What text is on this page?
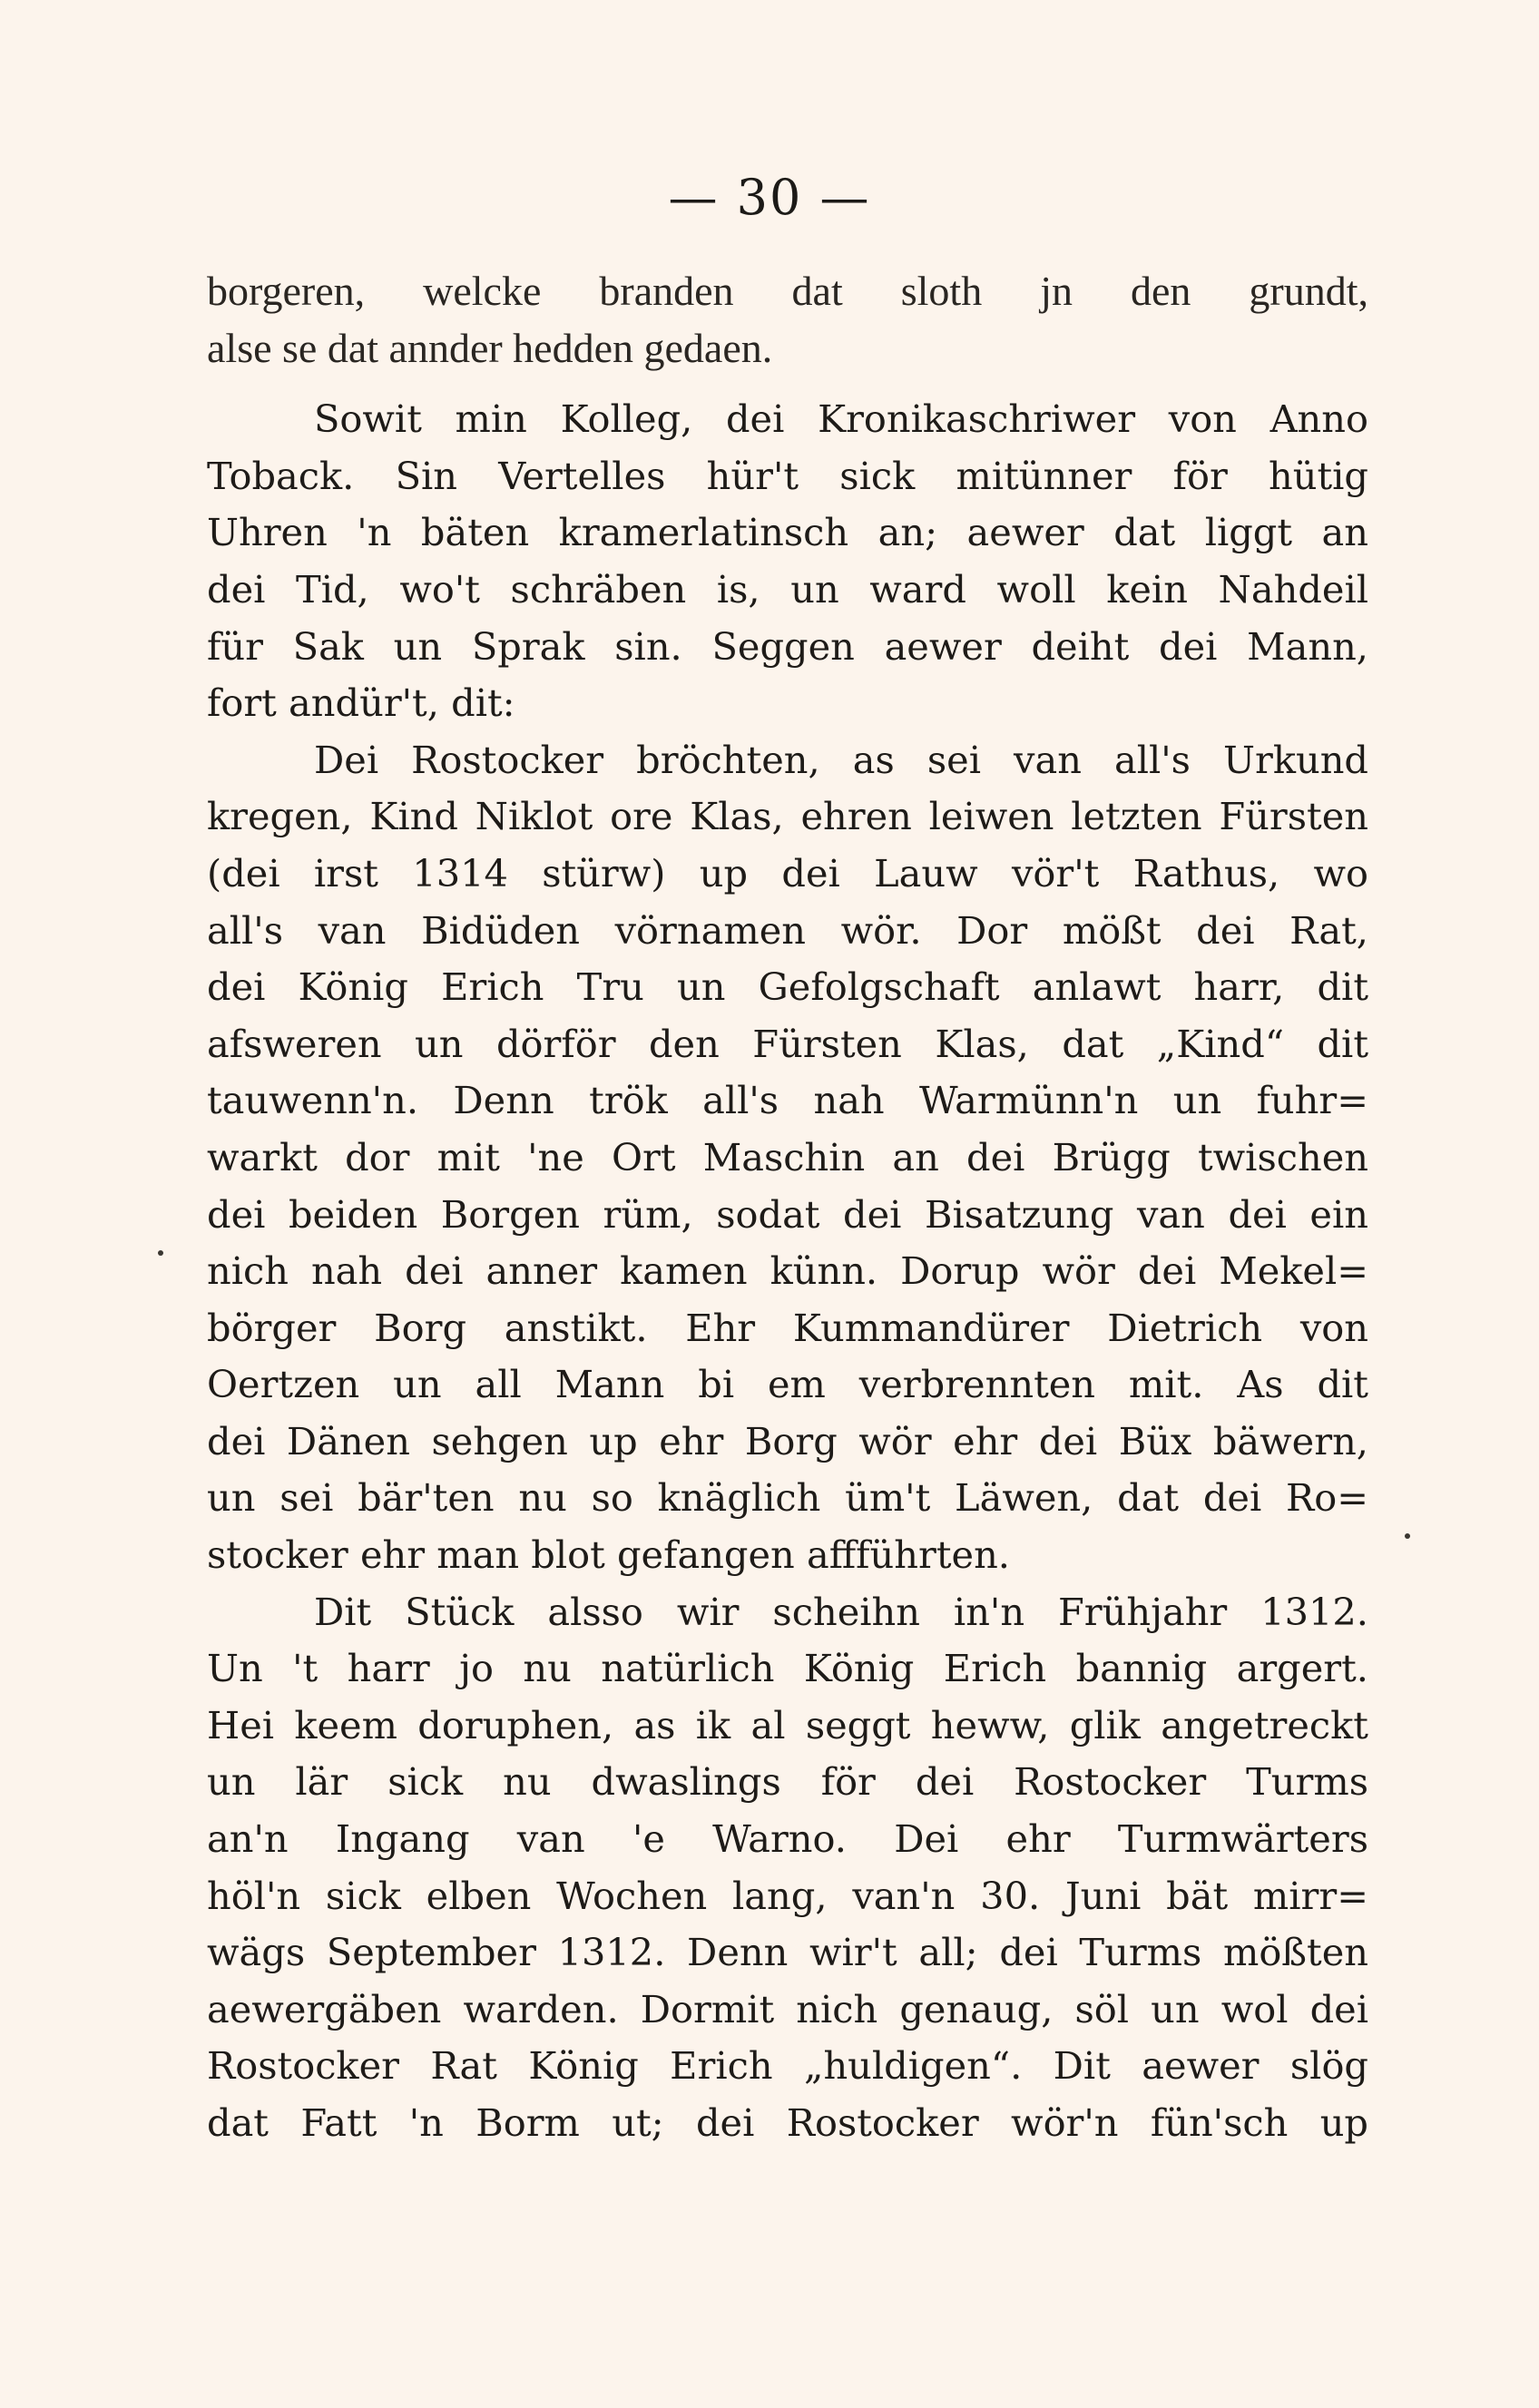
— 30 —
borgeren, welcke branden dat sloth jn den grundt,
alse se dat annder hedden gedaen.
Sowit min Kolleg, dei Kronikaschriwer von Anno
Toback. Sin Vertelles hür't sick mitünner för hütig
Uhren 'n bäten kramerlatinsch an; aewer dat liggt an
dei Tid, wo't schräben is, un ward woll kein Nahdeil
für Sak un Sprak sin. Seggen aewer deiht dei Mann,
fort andür't, dit:
Dei Rostocker bröchten, as sei van all's Urkund
kregen, Kind Niklot ore Klas, ehren leiwen letzten Fürsten
(dei irst 1314 stürw) up dei Lauw vör't Rathus, wo
all's van Bidüden vörnamen wör. Dor mößt dei Rat,
dei König Erich Tru un Gefolgschaft anlawt harr, dit
afsweren un dörför den Fürsten Klas, dat „Kind“ dit
tauwenn'n. Denn trök all's nah Warmünn'n un fuhr=
warkt dor mit 'ne Ort Maschin an dei Brügg twischen
dei beiden Borgen rüm, sodat dei Bisatzung van dei ein
nich nah dei anner kamen künn. Dorup wör dei Mekel=
börger Borg anstikt. Ehr Kummandürer Dietrich von
Oertzen un all Mann bi em verbrennten mit. As dit
dei Dänen sehgen up ehr Borg wör ehr dei Büx bäwern,
un sei bär'ten nu so knäglich üm't Läwen, dat dei Ro=
stocker ehr man blot gefangen affführten.
Dit Stück alsso wir scheihn in'n Frühjahr 1312.
Un 't harr jo nu natürlich König Erich bannig argert.
Hei keem doruphen, as ik al seggt heww, glik angetreckt
un lär sick nu dwaslings för dei Rostocker Turms
an'n Ingang van 'e Warno. Dei ehr Turmwärters
höl'n sick elben Wochen lang, van'n 30. Juni bät mirr=
wägs September 1312. Denn wir't all; dei Turms mößten
aewergäben warden. Dormit nich genaug, söl un wol dei
Rostocker Rat König Erich „huldigen“. Dit aewer slög
dat Fatt 'n Borm ut; dei Rostocker wör'n fün'sch up
